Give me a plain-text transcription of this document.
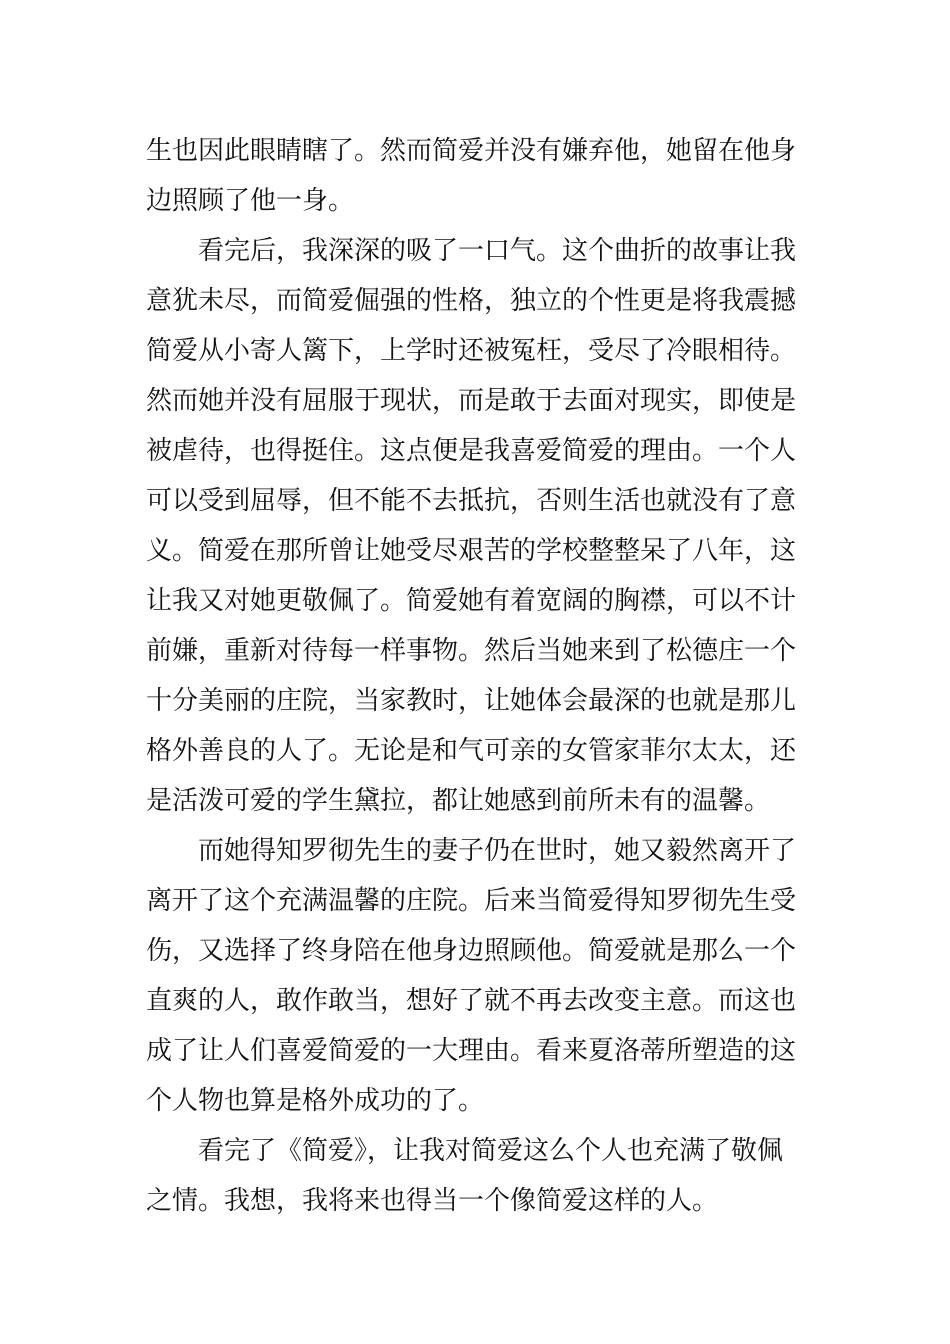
生也因此眼睛瞎了。然而简爱并没有嫌弃他，她留在他身
边照顾了他一身。

看完后，我深深的吸了一口气。这个曲折的故事让我
意犹未尽，而简爱倔强的性格，独立的个性更是将我震撼
简爱从小寄人篱下，上学时还被冤枉，受尽了冷眼相待。
然而她并没有屈服于现状，而是敢于去面对现实，即使是
被虐待，也得挺住。这点便是我喜爱简爱的理由。一个人
可以受到屈辱，但不能不去抵抗，否则生活也就没有了意
义。简爱在那所曾让她受尽艰苦的学校整整呆了八年，这
让我又对她更敬佩了。简爱她有着宽阔的胸襟，可以不计
前嫌，重新对待每一样事物。然后当她来到了松德庄一个
十分美丽的庄院，当家教时，让她体会最深的也就是那儿
格外善良的人了。无论是和气可亲的女管家菲尔太太，还
是活泼可爱的学生黛拉，都让她感到前所未有的温馨。

而她得知罗彻先生的妻子仍在世时，她又毅然离开了
离开了这个充满温馨的庄院。后来当简爱得知罗彻先生受
伤，又选择了终身陪在他身边照顾他。简爱就是那么一个
直爽的人，敢作敢当，想好了就不再去改变主意。而这也
成了让人们喜爱简爱的一大理由。看来夏洛蒂所塑造的这
个人物也算是格外成功的了。

看完了《简爱》，让我对简爱这么个人也充满了敬佩
之情。我想，我将来也得当一个像简爱这样的人。
